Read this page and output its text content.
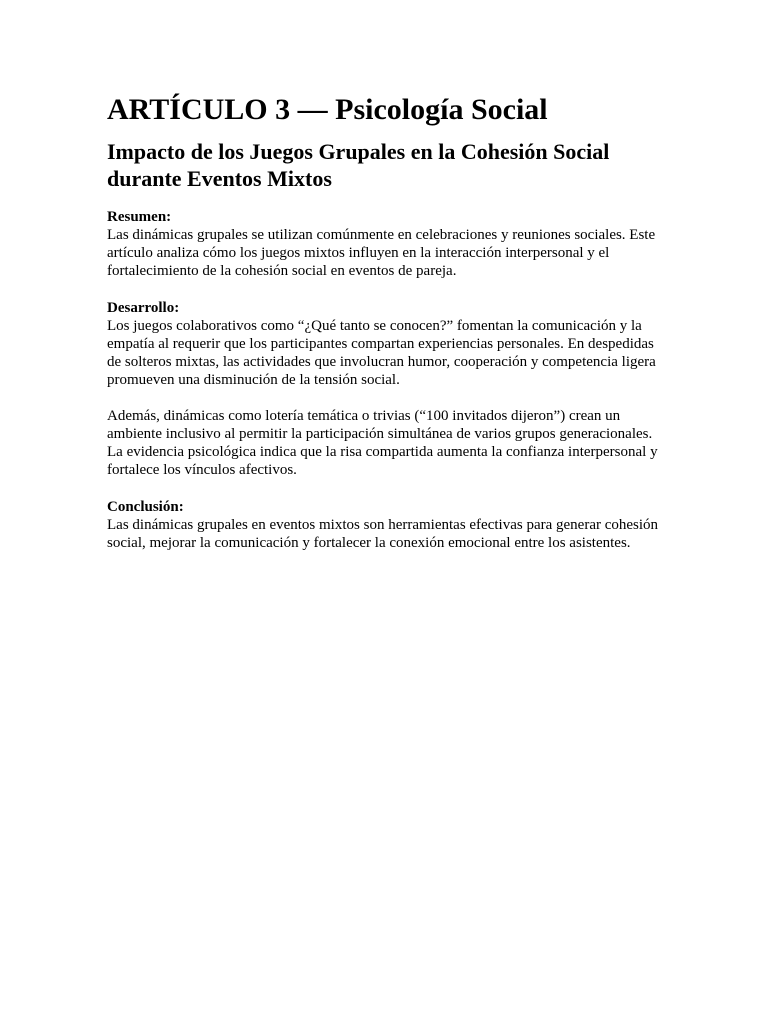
ARTÍCULO 3 — Psicología Social
Impacto de los Juegos Grupales en la Cohesión Social durante Eventos Mixtos
Resumen:

Las dinámicas grupales se utilizan comúnmente en celebraciones y reuniones sociales. Este artículo analiza cómo los juegos mixtos influyen en la interacción interpersonal y el fortalecimiento de la cohesión social en eventos de pareja.

Desarrollo:

Los juegos colaborativos como “¿Qué tanto se conocen?” fomentan la comunicación y la empatía al requerir que los participantes compartan experiencias personales. En despedidas de solteros mixtas, las actividades que involucran humor, cooperación y competencia ligera promueven una disminución de la tensión social.

Además, dinámicas como lotería temática o trivias (“100 invitados dijeron”) crean un ambiente inclusivo al permitir la participación simultánea de varios grupos generacionales. La evidencia psicológica indica que la risa compartida aumenta la confianza interpersonal y fortalece los vínculos afectivos.

Conclusión:

Las dinámicas grupales en eventos mixtos son herramientas efectivas para generar cohesión social, mejorar la comunicación y fortalecer la conexión emocional entre los asistentes.
